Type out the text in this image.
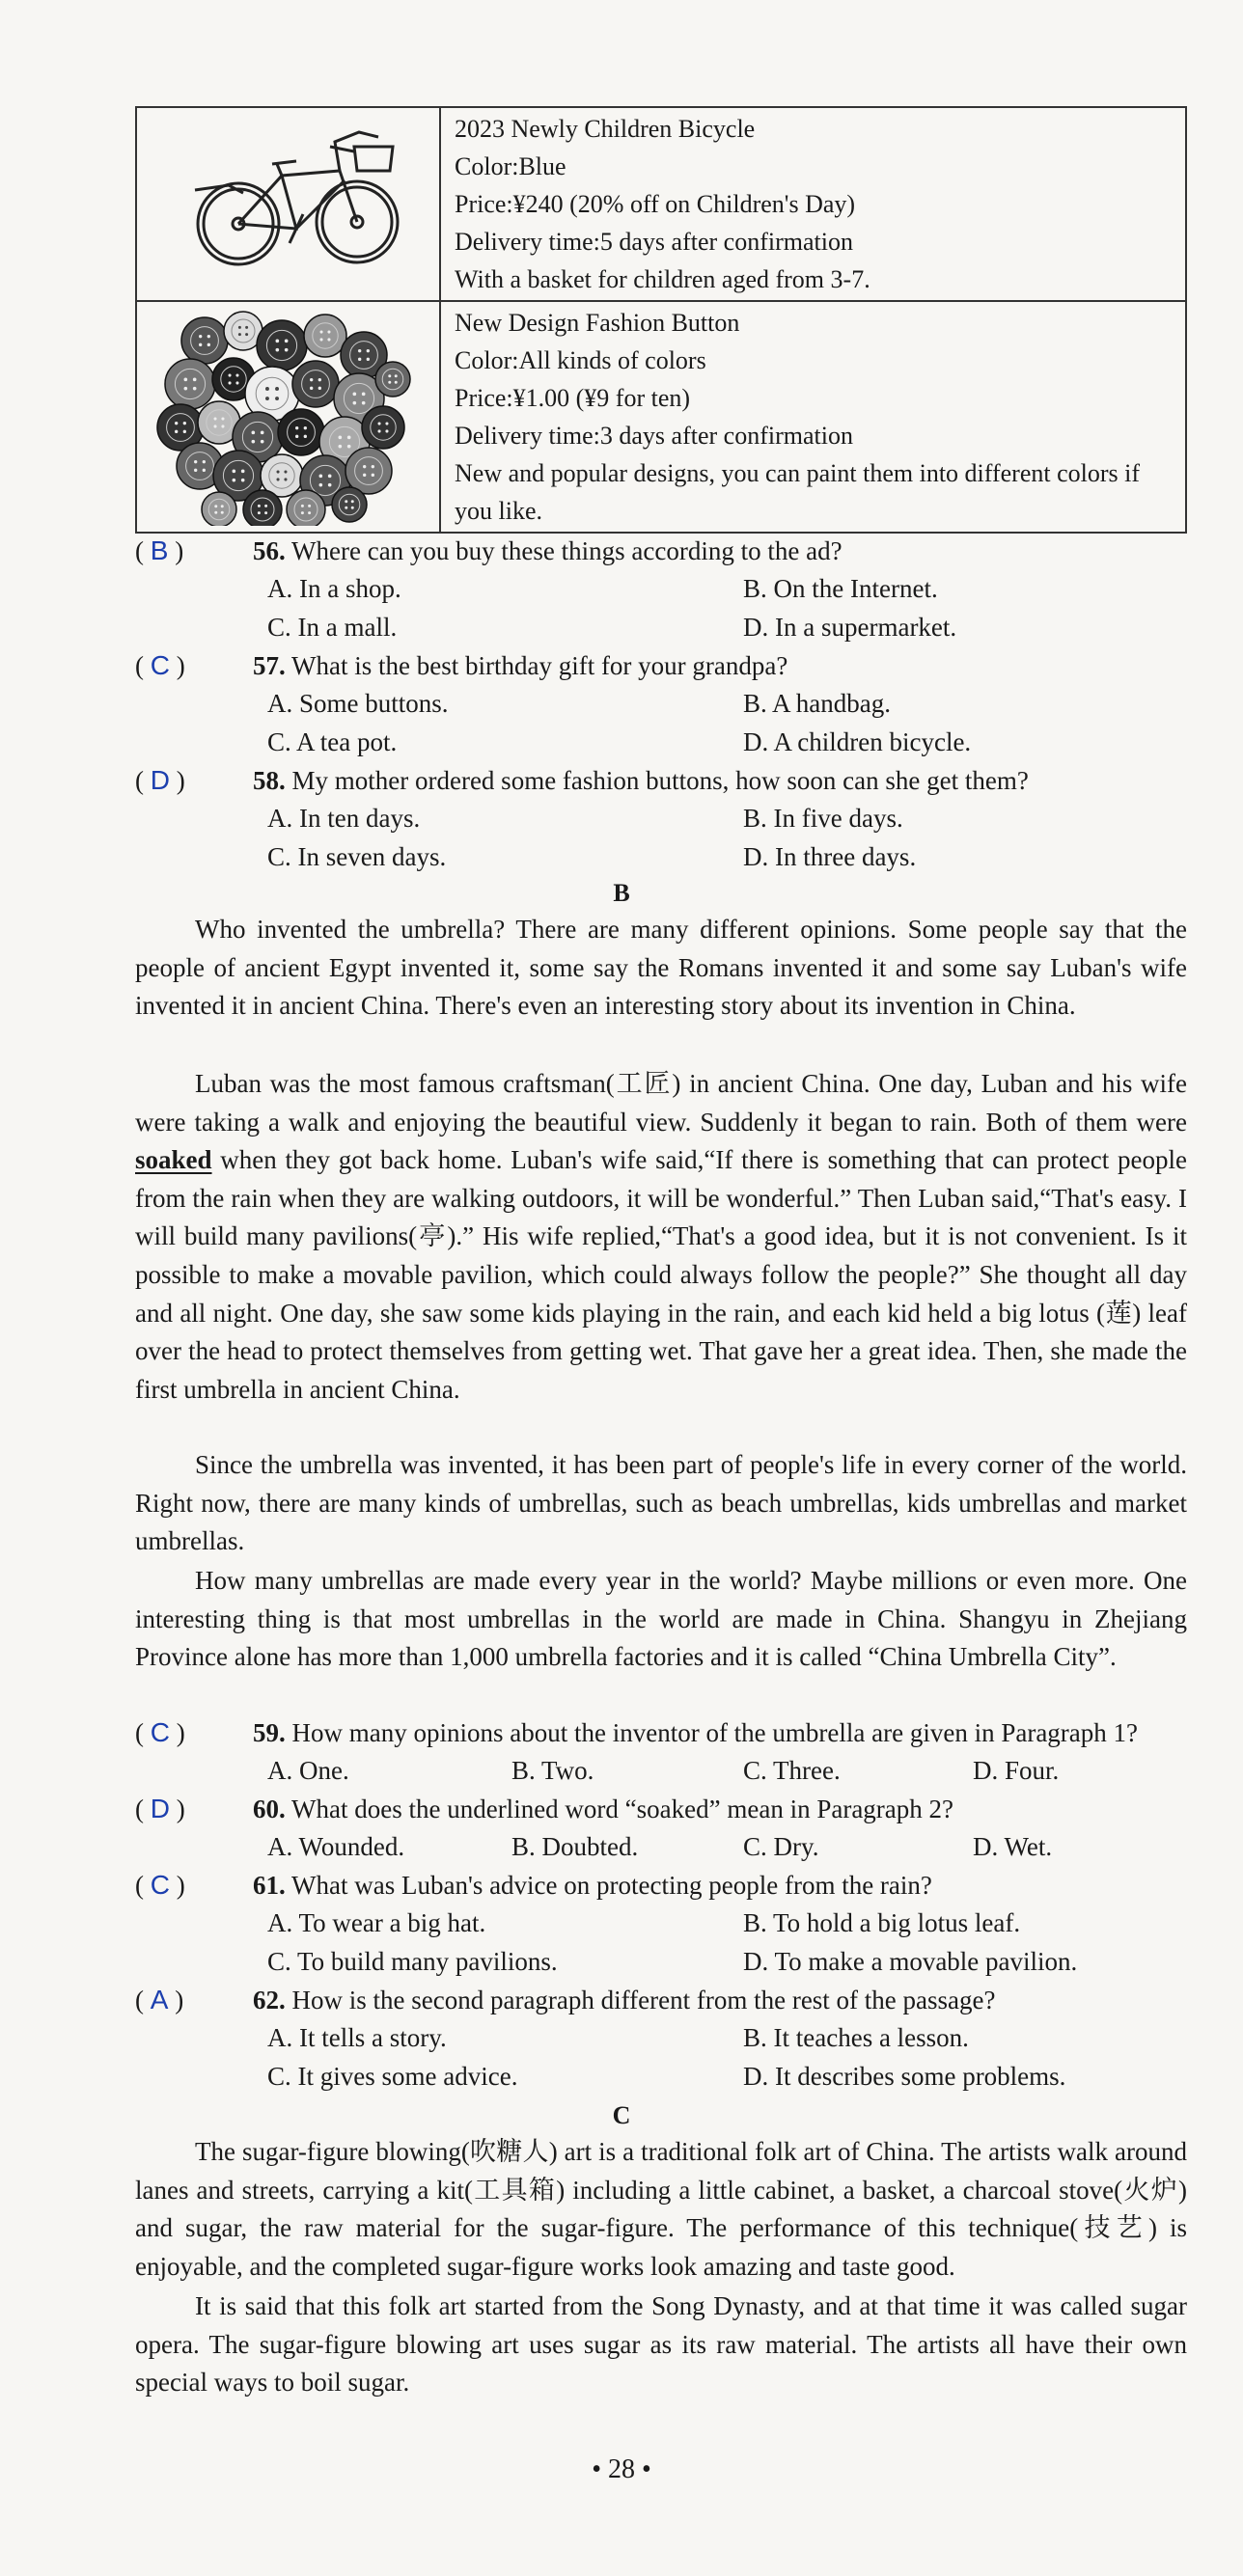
2023 Newly Children Bicycle
Color:Blue
Price:¥240 (20% off on Children's Day)
Delivery time:5 days after confirmation
With a basket for children aged from 3-7.

New Design Fashion Button
Color:All kinds of colors
Price:¥1.00 (¥9 for ten)
Delivery time:3 days after confirmation
New and popular designs, you can paint them into different colors if you like.
( B )	56. Where can you buy these things according to the ad?
A. In a shop.	B. On the Internet.
C. In a mall.	D. In a supermarket.
( C )	57. What is the best birthday gift for your grandpa?
A. Some buttons.	B. A handbag.
C. A tea pot.	D. A children bicycle.
( D )	58. My mother ordered some fashion buttons, how soon can she get them?
A. In ten days.	B. In five days.
C. In seven days.	D. In three days.
B
Who invented the umbrella? There are many different opinions. Some people say that the people of ancient Egypt invented it, some say the Romans invented it and some say Luban's wife invented it in ancient China. There's even an interesting story about its invention in China.
Luban was the most famous craftsman(工匠) in ancient China. One day, Luban and his wife were taking a walk and enjoying the beautiful view. Suddenly it began to rain. Both of them were soaked when they got back home. Luban's wife said,“If there is something that can protect people from the rain when they are walking outdoors, it will be wonderful.” Then Luban said,“That's easy. I will build many pavilions(亭).” His wife replied,“That's a good idea, but it is not convenient. Is it possible to make a movable pavilion, which could always follow the people?” She thought all day and all night. One day, she saw some kids playing in the rain, and each kid held a big lotus (莲) leaf over the head to protect themselves from getting wet. That gave her a great idea. Then, she made the first umbrella in ancient China.
Since the umbrella was invented, it has been part of people's life in every corner of the world. Right now, there are many kinds of umbrellas, such as beach umbrellas, kids umbrellas and market umbrellas.
How many umbrellas are made every year in the world? Maybe millions or even more. One interesting thing is that most umbrellas in the world are made in China. Shangyu in Zhejiang Province alone has more than 1,000 umbrella factories and it is called “China Umbrella City”.
( C )	59. How many opinions about the inventor of the umbrella are given in Paragraph 1?
A. One.	B. Two.	C. Three.	D. Four.
( D )	60. What does the underlined word “soaked” mean in Paragraph 2?
A. Wounded.	B. Doubted.	C. Dry.	D. Wet.
( C )	61. What was Luban's advice on protecting people from the rain?
A. To wear a big hat.	B. To hold a big lotus leaf.
C. To build many pavilions.	D. To make a movable pavilion.
( A )	62. How is the second paragraph different from the rest of the passage?
A. It tells a story.	B. It teaches a lesson.
C. It gives some advice.	D. It describes some problems.
C
The sugar-figure blowing(吹糖人) art is a traditional folk art of China. The artists walk around lanes and streets, carrying a kit(工具箱) including a little cabinet, a basket, a charcoal stove(火炉) and sugar, the raw material for the sugar-figure. The performance of this technique(技艺) is enjoyable, and the completed sugar-figure works look amazing and taste good.
It is said that this folk art started from the Song Dynasty, and at that time it was called sugar opera. The sugar-figure blowing art uses sugar as its raw material. The artists all have their own special ways to boil sugar.
• 28 •
